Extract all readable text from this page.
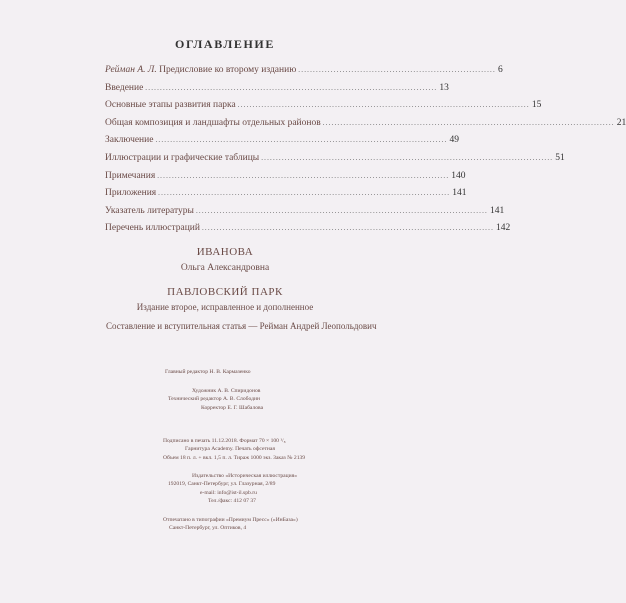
ОГЛАВЛЕНИЕ
Рейман А. Л. Предисловие ко второму изданию ................................................................... 6
Введение ................................................................................................... 13
Основные этапы развития парка ................................................................................................... 15
Общая композиция и ландшафты отдельных районов ................................................................................................... 21
Заключение ................................................................................................... 49
Иллюстрации и графические таблицы ................................................................................................... 51
Примечания ................................................................................................... 140
Приложения ................................................................................................... 141
Указатель литературы ................................................................................................... 141
Перечень иллюстраций ................................................................................................... 142
ИВАНОВА
Ольга Александровна
ПАВЛОВСКИЙ ПАРК
Издание второе, исправленное и дополненное
Составление и вступительная статья — Рейман Андрей Леопольдович
Главный редактор Н. В. Кармазенко
Художник А. В. Спиридонов
Технический редактор А. В. Слободин
Корректор Е. Г. Шабалова
Подписано в печать 11.12.2018. Формат 70 × 100 ¹/₈
Гарнитура Academy. Печать офсетная
Объем 18 п. л. + вкл. 1,5 п. л. Тираж 1000 экз. Заказ № 2139
Издательство «Историческая иллюстрация»
192019, Санкт-Петербург, ул. Глазурная, 2/89
e-mail: info@ist-il.spb.ru
Тел./факс: 412 07 37
Отпечатано в типографии «Премиум Пресс» («ИнБаза»)
Санкт-Петербург, ул. Оптиков, 4
